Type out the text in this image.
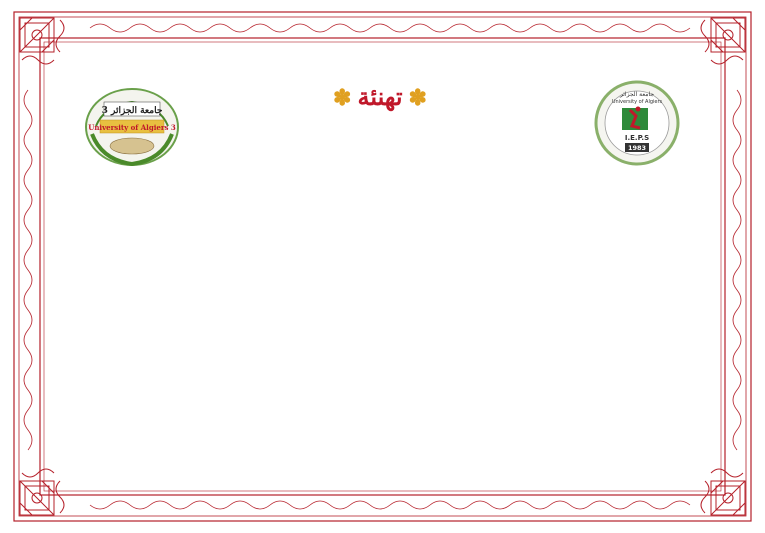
✽تهنئة✽
جامعة الجزائر 3
University of Algiers 3
جامعة الجزائر
University of Algiers
I.E.P.S
1983
